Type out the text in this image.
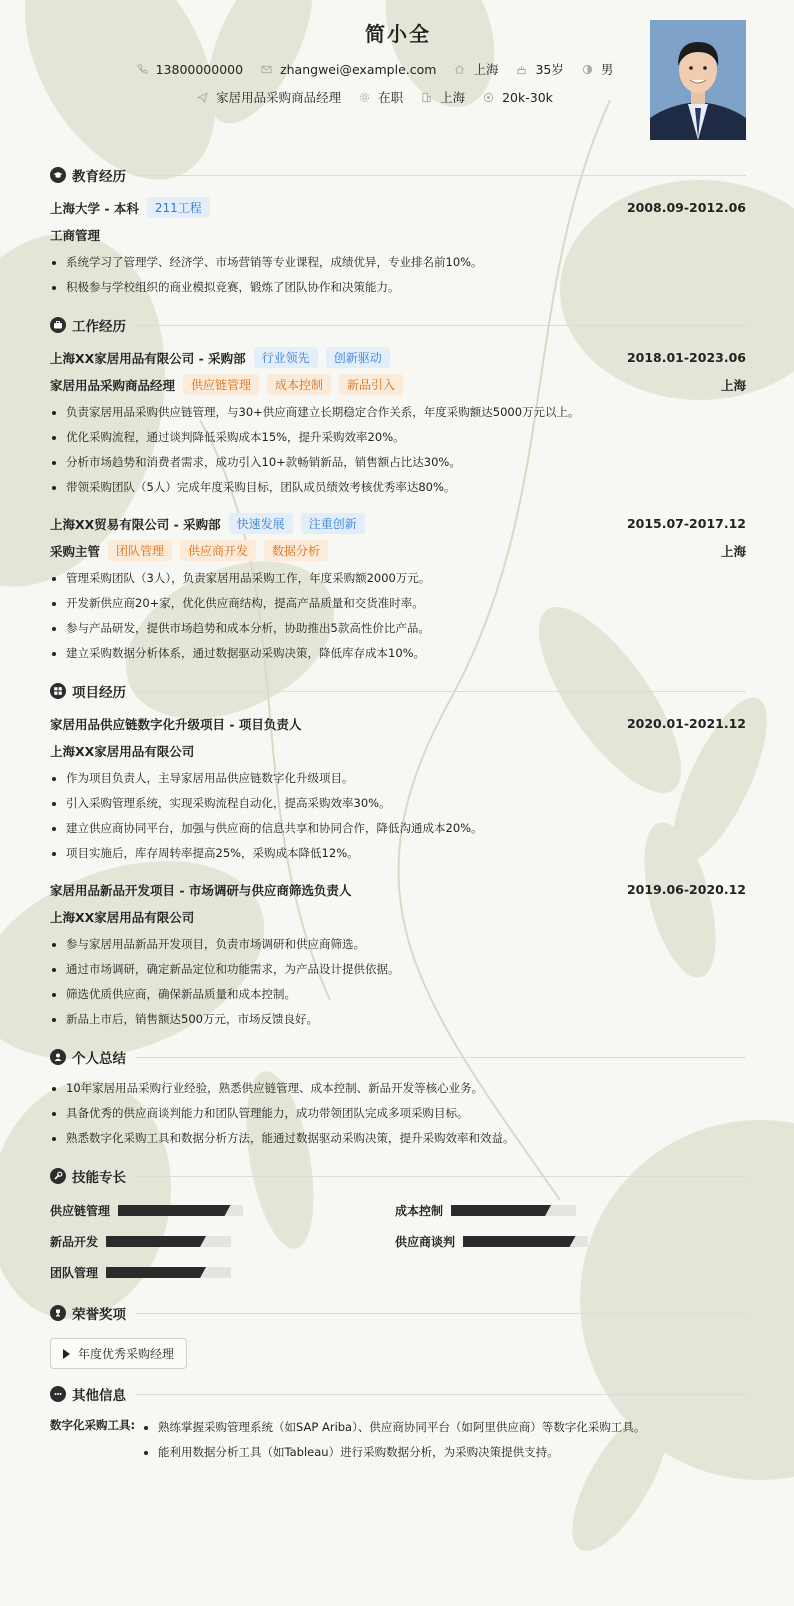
简小全
13800000000	zhangwei@example.com	上海	35岁	男
家居用品采购商品经理	在职	上海	20k-30k
教育经历
上海大学 - 本科	211工程	2008.09-2012.06
工商管理
系统学习了管理学、经济学、市场营销等专业课程，成绩优异，专业排名前10%。
积极参与学校组织的商业模拟竞赛，锻炼了团队协作和决策能力。
工作经历
上海XX家居用品有限公司 - 采购部	行业领先	创新驱动	2018.01-2023.06
家居用品采购商品经理	供应链管理	成本控制	新品引入	上海
负责家居用品采购供应链管理，与30+供应商建立长期稳定合作关系，年度采购额达5000万元以上。
优化采购流程，通过谈判降低采购成本15%，提升采购效率20%。
分析市场趋势和消费者需求，成功引入10+款畅销新品，销售额占比达30%。
带领采购团队（5人）完成年度采购目标，团队成员绩效考核优秀率达80%。
上海XX贸易有限公司 - 采购部	快速发展	注重创新	2015.07-2017.12
采购主管	团队管理	供应商开发	数据分析	上海
管理采购团队（3人），负责家居用品采购工作，年度采购额2000万元。
开发新供应商20+家，优化供应商结构，提高产品质量和交货准时率。
参与产品研发，提供市场趋势和成本分析，协助推出5款高性价比产品。
建立采购数据分析体系，通过数据驱动采购决策，降低库存成本10%。
项目经历
家居用品供应链数字化升级项目 - 项目负责人	2020.01-2021.12
上海XX家居用品有限公司
作为项目负责人，主导家居用品供应链数字化升级项目。
引入采购管理系统，实现采购流程自动化，提高采购效率30%。
建立供应商协同平台，加强与供应商的信息共享和协同合作，降低沟通成本20%。
项目实施后，库存周转率提高25%，采购成本降低12%。
家居用品新品开发项目 - 市场调研与供应商筛选负责人	2019.06-2020.12
上海XX家居用品有限公司
参与家居用品新品开发项目，负责市场调研和供应商筛选。
通过市场调研，确定新品定位和功能需求，为产品设计提供依据。
筛选优质供应商，确保新品质量和成本控制。
新品上市后，销售额达500万元，市场反馈良好。
个人总结
10年家居用品采购行业经验，熟悉供应链管理、成本控制、新品开发等核心业务。
具备优秀的供应商谈判能力和团队管理能力，成功带领团队完成多项采购目标。
熟悉数字化采购工具和数据分析方法，能通过数据驱动采购决策，提升采购效率和效益。
技能专长
供应链管理	成本控制
新品开发	供应商谈判
团队管理
荣誉奖项
年度优秀采购经理
其他信息
数字化采购工具:	熟练掌握采购管理系统（如SAP Ariba）、供应商协同平台（如阿里供应商）等数字化采购工具。
能利用数据分析工具（如Tableau）进行采购数据分析，为采购决策提供支持。
